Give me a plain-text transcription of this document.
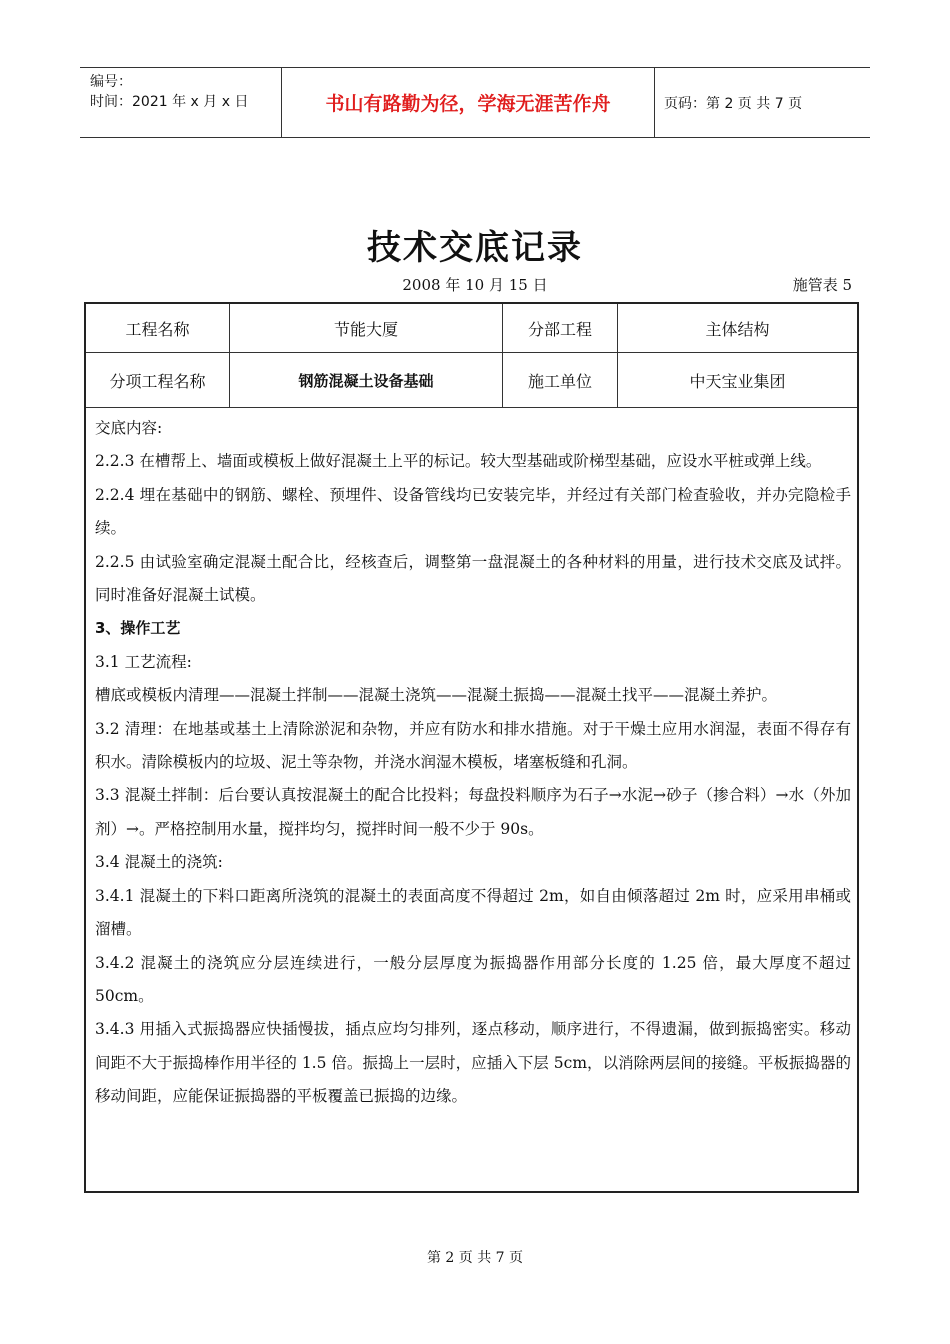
编号：
时间：2021 年 x 月 x 日	书山有路勤为径，学海无涯苦作舟	页码：第 2 页 共 7 页
技术交底记录
2008 年 10 月 15 日	施管表 5
工程名称	节能大厦	分部工程	主体结构
分项工程名称	钢筋混凝土设备基础	施工单位	中天宝业集团

交底内容:

2.2.3 在槽帮上、墙面或模板上做好混凝土上平的标记。较大型基础或阶梯型基础，应设水平桩或弹上线。

2.2.4 埋在基础中的钢筋、螺栓、预埋件、设备管线均已安装完毕，并经过有关部门检查验收，并办完隐检手续。

2.2.5 由试验室确定混凝土配合比，经核查后，调整第一盘混凝土的各种材料的用量，进行技术交底及试拌。同时准备好混凝土试模。

3、操作工艺

3.1 工艺流程:

槽底或模板内清理——混凝土拌制——混凝土浇筑——混凝土振捣——混凝土找平——混凝土养护。

3.2 清理：在地基或基土上清除淤泥和杂物，并应有防水和排水措施。对于干燥土应用水润湿，表面不得存有积水。清除模板内的垃圾、泥土等杂物，并浇水润湿木模板，堵塞板缝和孔洞。

3.3 混凝土拌制：后台要认真按混凝土的配合比投料；每盘投料顺序为石子→水泥→砂子（掺合料）→水（外加剂）→。严格控制用水量，搅拌均匀，搅拌时间一般不少于 90s。

3.4 混凝土的浇筑:

3.4.1 混凝土的下料口距离所浇筑的混凝土的表面高度不得超过 2m，如自由倾落超过 2m 时，应采用串桶或溜槽。

3.4.2 混凝土的浇筑应分层连续进行，一般分层厚度为振捣器作用部分长度的 1.25 倍，最大厚度不超过 50cm。

3.4.3 用插入式振捣器应快插慢拔，插点应均匀排列，逐点移动，顺序进行，不得遗漏，做到振捣密实。移动间距不大于振捣棒作用半径的 1.5 倍。振捣上一层时，应插入下层 5cm，以消除两层间的接缝。平板振捣器的移动间距，应能保证振捣器的平板覆盖已振捣的边缘。

第 2 页 共 7 页
